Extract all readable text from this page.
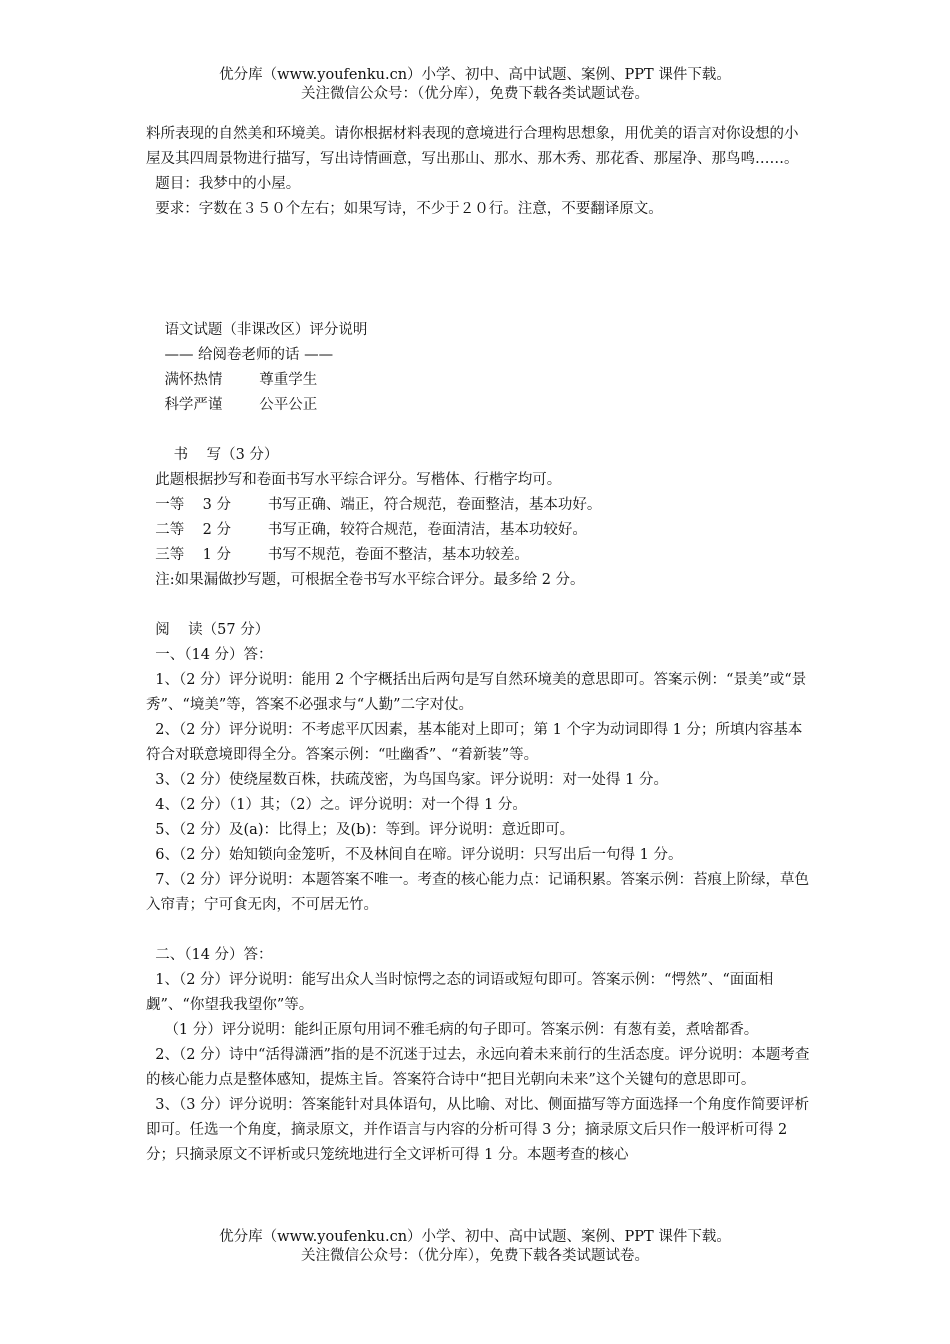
优分库（www.youfenku.cn）小学、初中、高中试题、案例、PPT 课件下载。
关注微信公众号：（优分库），免费下载各类试题试卷。

料所表现的自然美和环境美。请你根据材料表现的意境进行合理构思想象，用优美的语言对你设想的小屋及其四周景物进行描写，写出诗情画意，写出那山、那水、那木秀、那花香、那屋净、那鸟鸣……。

题目：我梦中的小屋。

要求：字数在３５０个左右；如果写诗，不少于２０行。注意，不要翻译原文。

语文试题（非课改区）评分说明

—— 给阅卷老师的话 ——

满怀热情        尊重学生

科学严谨        公平公正

书    写（3 分）

此题根据抄写和卷面书写水平综合评分。写楷体、行楷字均可。

一等    3 分        书写正确、端正，符合规范，卷面整洁，基本功好。

二等    2 分        书写正确，较符合规范，卷面清洁，基本功较好。

三等    1 分        书写不规范，卷面不整洁，基本功较差。

注:如果漏做抄写题，可根据全卷书写水平综合评分。最多给 2 分。

阅    读（57 分）

一、（14 分）答：

1、（2 分）评分说明：能用 2 个字概括出后两句是写自然环境美的意思即可。答案示例：“景美”或“景秀”、“境美”等，答案不必强求与“人勤”二字对仗。

2、（2 分）评分说明：不考虑平仄因素，基本能对上即可；第 1 个字为动词即得 1 分；所填内容基本符合对联意境即得全分。答案示例：“吐幽香”、“着新装”等。

3、（2 分）使绕屋数百株，扶疏茂密，为鸟国鸟家。评分说明：对一处得 1 分。

4、（2 分）（1）其；（2）之。评分说明：对一个得 1 分。

5、（2 分）及(a)：比得上；及(b)：等到。评分说明：意近即可。

6、（2 分）始知锁向金笼听，不及林间自在啼。评分说明：只写出后一句得 1 分。

7、（2 分）评分说明：本题答案不唯一。考查的核心能力点：记诵积累。答案示例：苔痕上阶绿，草色入帘青；宁可食无肉，不可居无竹。

二、（14 分）答：

1、（2 分）评分说明：能写出众人当时惊愕之态的词语或短句即可。答案示例：“愕然”、“面面相觑”、“你望我我望你”等。

（1 分）评分说明：能纠正原句用词不雅毛病的句子即可。答案示例：有葱有姜，煮啥都香。

2、（2 分）诗中“活得潇洒”指的是不沉迷于过去，永远向着未来前行的生活态度。评分说明：本题考查的核心能力点是整体感知，提炼主旨。答案符合诗中“把目光朝向未来”这个关键句的意思即可。

3、（3 分）评分说明：答案能针对具体语句，从比喻、对比、侧面描写等方面选择一个角度作简要评析即可。任选一个角度，摘录原文，并作语言与内容的分析可得 3 分；摘录原文后只作一般评析可得 2 分；只摘录原文不评析或只笼统地进行全文评析可得 1 分。本题考查的核心

优分库（www.youfenku.cn）小学、初中、高中试题、案例、PPT 课件下载。
关注微信公众号：（优分库），免费下载各类试题试卷。
